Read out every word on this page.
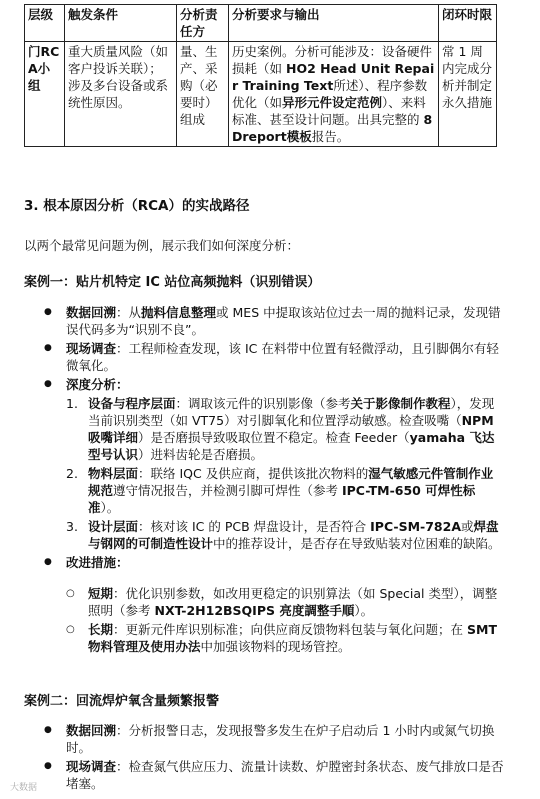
层级	触发条件	分析责任方	分析要求与输出	闭环时限
门RCA小组	重大质量风险（如客户投诉关联）；涉及多台设备或系统性原因。	量、生产、采购（必要时）组成	历史案例。分析可能涉及：设备硬件损耗（如 HO2 Head Unit Repair Training Text所述）、程序参数优化（如异形元件设定范例）、来料标准、甚至设计问题。出具完整的 8Dreport模板报告。	常 1 周内完成分析并制定永久措施
3. 根本原因分析（RCA）的实战路径
以两个最常见问题为例，展示我们如何深度分析：
案例一：贴片机特定 IC 站位高频抛料（识别错误）
● 数据回溯：从抛料信息整理或 MES 中提取该站位过去一周的抛料记录，发现错误代码多为“识别不良”。
● 现场调查：工程师检查发现，该 IC 在料带中位置有轻微浮动，且引脚偶尔有轻微氧化。
● 深度分析：
1. 设备与程序层面：调取该元件的识别影像（参考关于影像制作教程），发现当前识别类型（如 VT75）对引脚氧化和位置浮动敏感。检查吸嘴（NPM 吸嘴详细）是否磨损导致吸取位置不稳定。检查 Feeder（yamaha 飞达型号认识）进料齿轮是否磨损。
2. 物料层面：联络 IQC 及供应商，提供该批次物料的湿气敏感元件管制作业规范遵守情况报告，并检测引脚可焊性（参考 IPC-TM-650 可焊性标准）。
3. 设计层面：核对该 IC 的 PCB 焊盘设计，是否符合 IPC-SM-782A或焊盘与钢网的可制造性设计中的推荐设计，是否存在导致贴装对位困难的缺陷。
● 改进措施：
○ 短期：优化识别参数，如改用更稳定的识别算法（如 Special 类型），调整照明（参考 NXT-2H12BSQIPS 亮度調整手順）。
○ 长期：更新元件库识别标准；向供应商反馈物料包装与氧化问题；在 SMT 物料管理及使用办法中加强该物料的现场管控。
案例二：回流焊炉氧含量频繁报警
● 数据回溯：分析报警日志，发现报警多发生在炉子启动后 1 小时内或氮气切换时。
● 现场调查：检查氮气供应压力、流量计读数、炉膛密封条状态、废气排放口是否堵塞。
大数据
